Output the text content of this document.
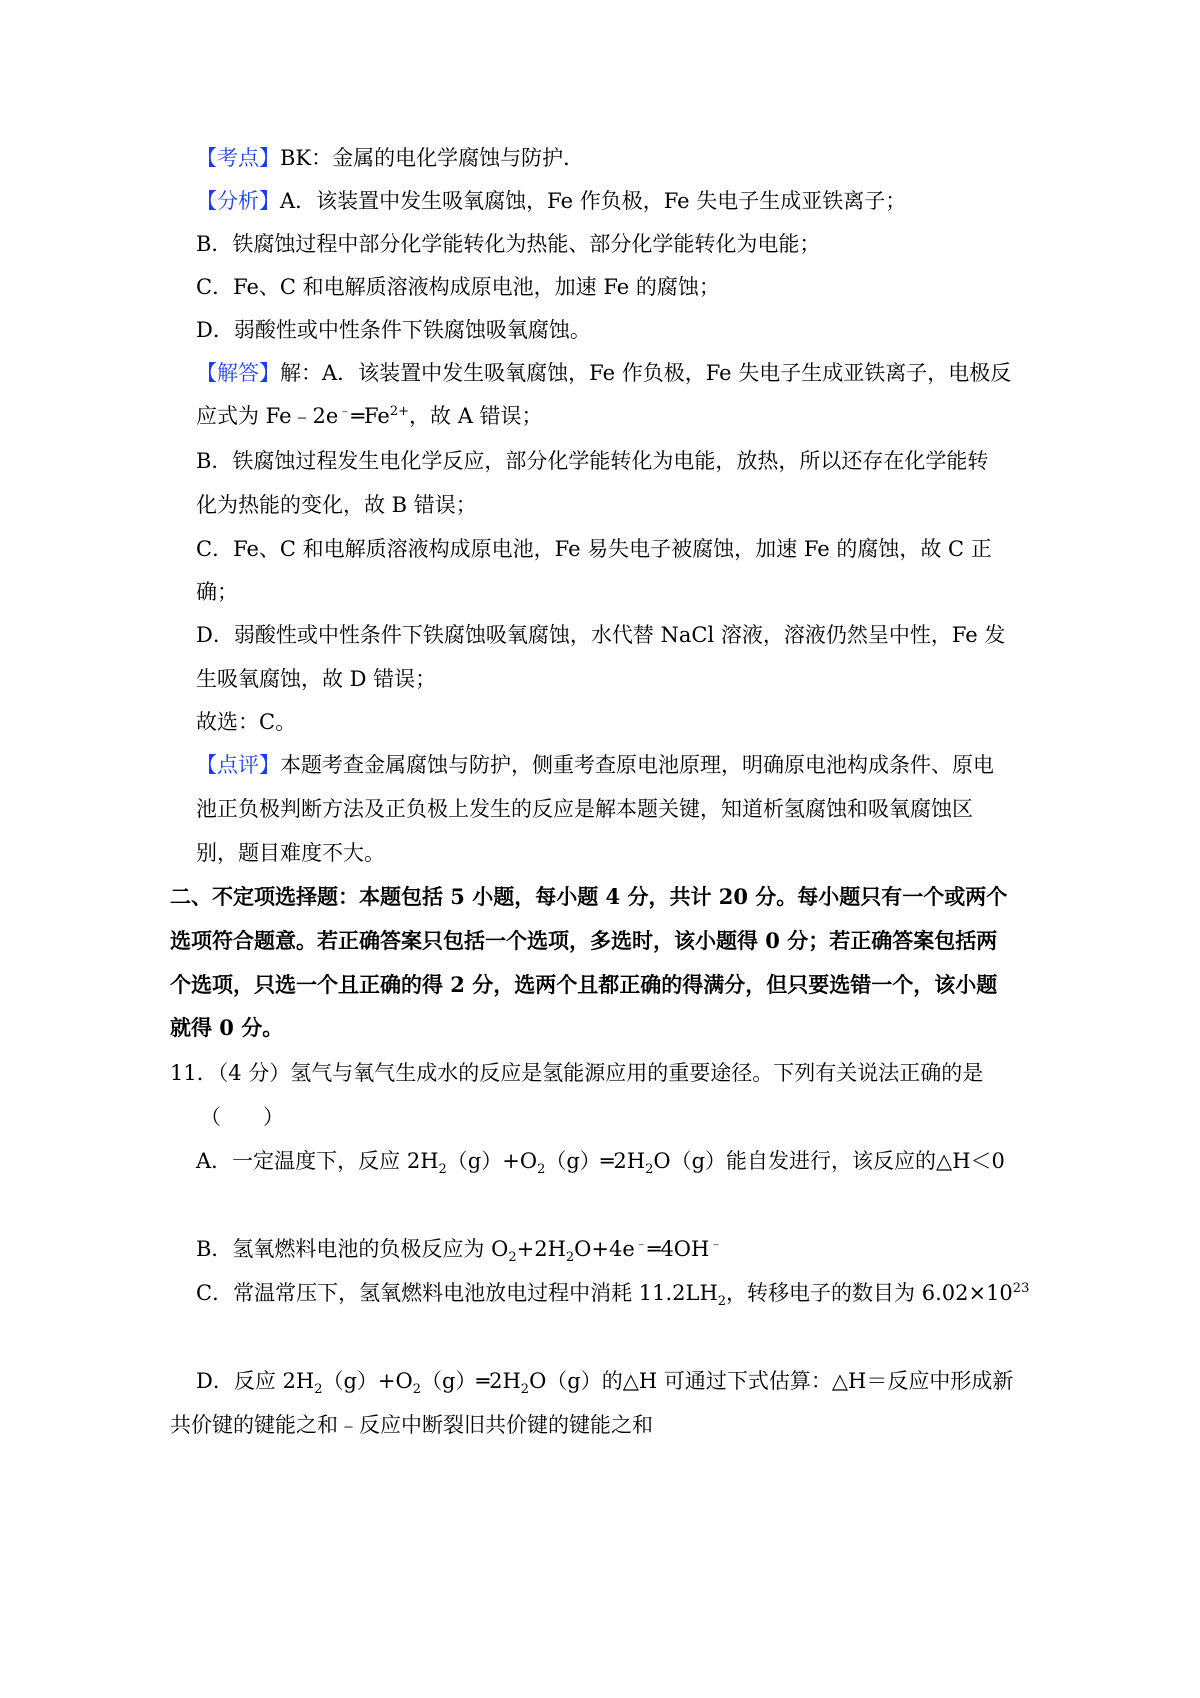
【考点】BK：金属的电化学腐蚀与防护．
【分析】A．该装置中发生吸氧腐蚀，Fe 作负极，Fe 失电子生成亚铁离子；
B．铁腐蚀过程中部分化学能转化为热能、部分化学能转化为电能；
C．Fe、C 和电解质溶液构成原电池，加速 Fe 的腐蚀；
D．弱酸性或中性条件下铁腐蚀吸氧腐蚀。
【解答】解：A．该装置中发生吸氧腐蚀，Fe 作负极，Fe 失电子生成亚铁离子，电极反
应式为 $Fe﹣2e^﹣═Fe^{2+}$，故 A 错误；
B．铁腐蚀过程发生电化学反应，部分化学能转化为电能，放热，所以还存在化学能转
化为热能的变化，故 B 错误；
C．Fe、C 和电解质溶液构成原电池，Fe 易失电子被腐蚀，加速 Fe 的腐蚀，故 C 正
确；
D．弱酸性或中性条件下铁腐蚀吸氧腐蚀，水代替 NaCl 溶液，溶液仍然呈中性，Fe 发
生吸氧腐蚀，故 D 错误；
故选：C。
【点评】本题考查金属腐蚀与防护，侧重考查原电池原理，明确原电池构成条件、原电
池正负极判断方法及正负极上发生的反应是解本题关键，知道析氢腐蚀和吸氧腐蚀区
别，题目难度不大。
二、不定项选择题：本题包括 5 小题，每小题 4 分，共计 20 分。每小题只有一个或两个
选项符合题意。若正确答案只包括一个选项，多选时，该小题得 0 分；若正确答案包括两
个选项，只选一个且正确的得 2 分，选两个且都正确的得满分，但只要选错一个，该小题
就得 0 分。
11．（4 分）氢气与氧气生成水的反应是氢能源应用的重要途径。下列有关说法正确的是
（　　）
A．一定温度下，反应 $2H_2(g)+O_2(g)═2H_2O(g)$能自发进行，该反应的△H＜0
B．氢氧燃料电池的负极反应为 $O_2+2H_2O+4e^﹣═4OH^﹣$
C．常温常压下，氢氧燃料电池放电过程中消耗 $11.2LH_2$，转移电子的数目为 $6.02\times 10^{23}$
D．反应 $2H_2(g)+O_2(g)═2H_2O(g)$的△H 可通过下式估算：△H＝反应中形成新
共价键的键能之和﹣反应中断裂旧共价键的键能之和
